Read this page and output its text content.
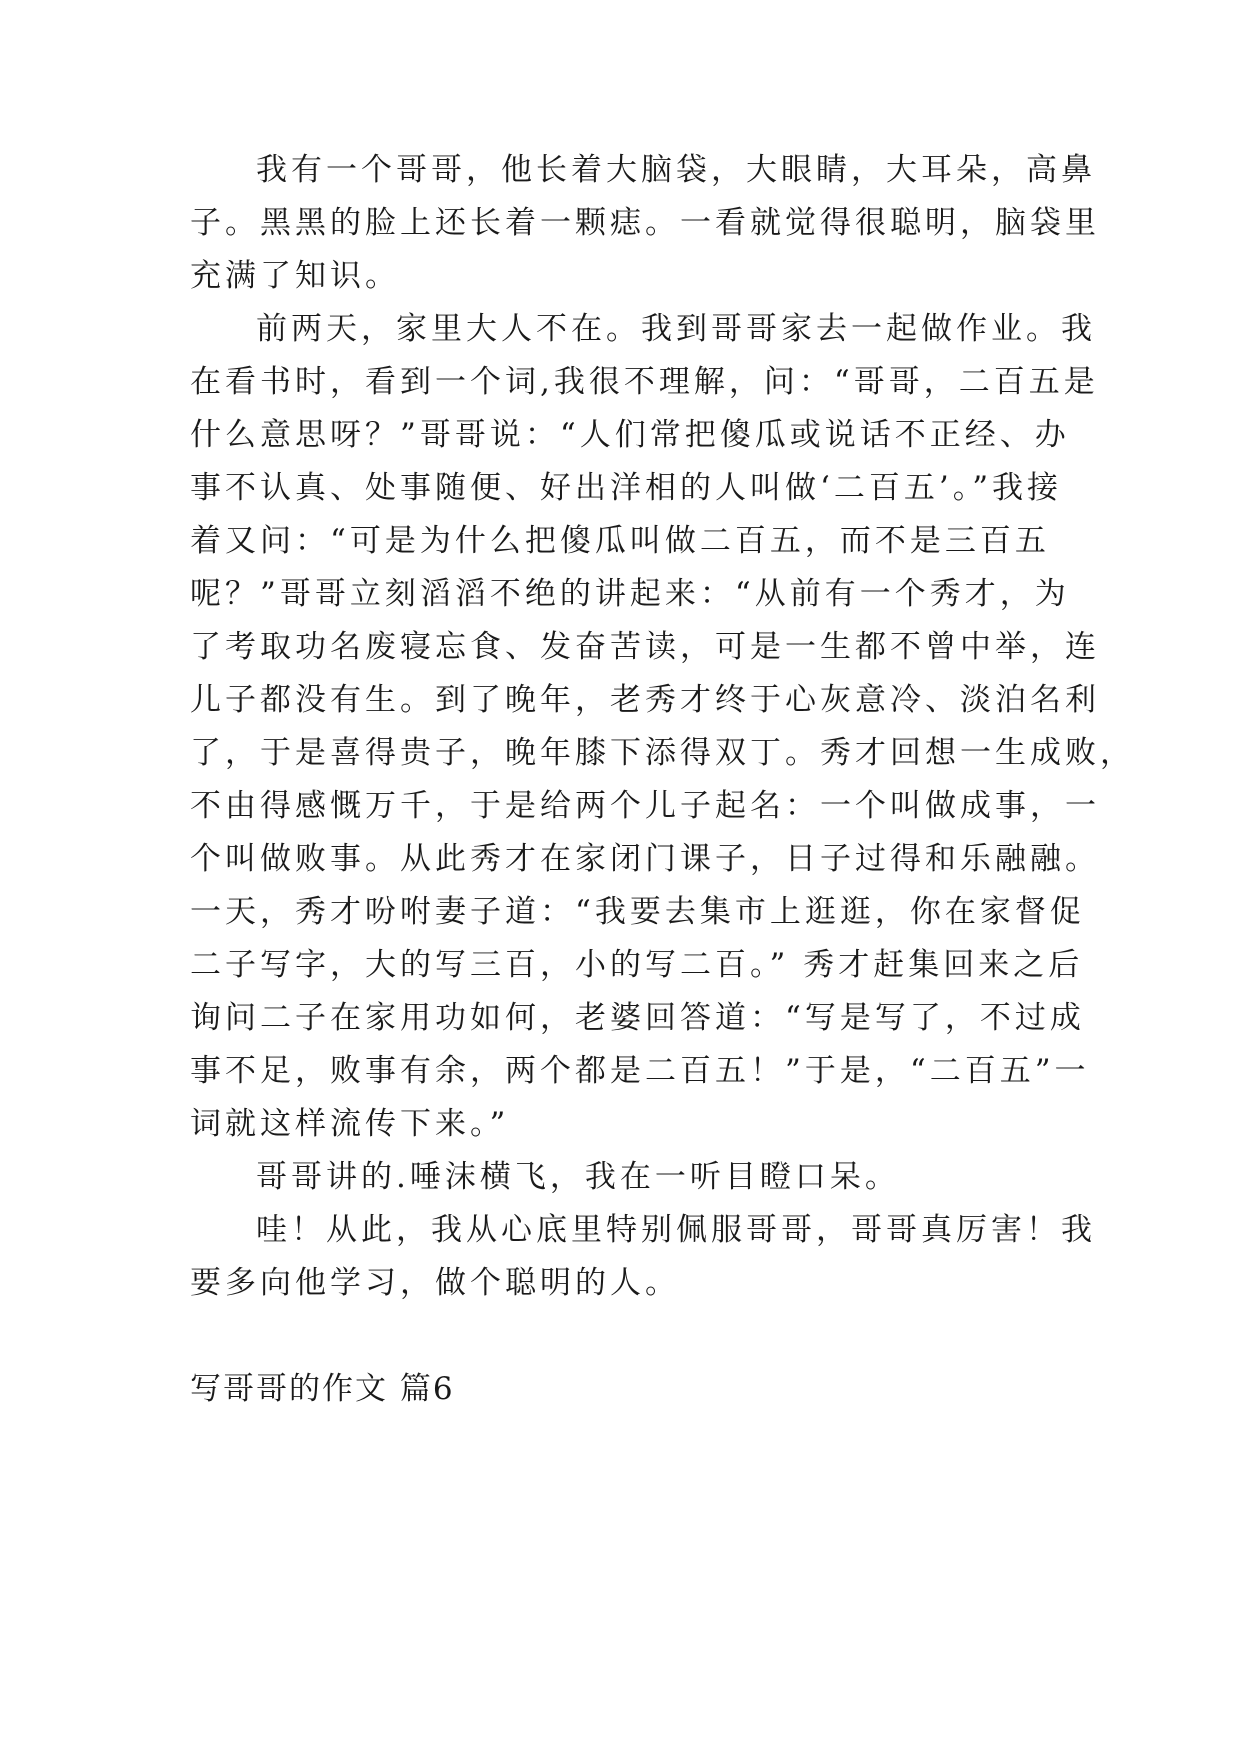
我有一个哥哥，他长着大脑袋，大眼睛，大耳朵，高鼻
子。黑黑的脸上还长着一颗痣。一看就觉得很聪明，脑袋里
充满了知识。
前两天，家里大人不在。我到哥哥家去一起做作业。我
在看书时，看到一个词,我很不理解，问：“哥哥，二百五是
什么意思呀？”哥哥说：“人们常把傻瓜或说话不正经、办
事不认真、处事随便、好出洋相的人叫做‘二百五’。”我接
着又问：“可是为什么把傻瓜叫做二百五，而不是三百五
呢？”哥哥立刻滔滔不绝的讲起来：“从前有一个秀才，为
了考取功名废寝忘食、发奋苦读，可是一生都不曾中举，连
儿子都没有生。到了晚年，老秀才终于心灰意冷、淡泊名利
了，于是喜得贵子，晚年膝下添得双丁。秀才回想一生成败，
不由得感慨万千，于是给两个儿子起名：一个叫做成事，一
个叫做败事。从此秀才在家闭门课子，日子过得和乐融融。
一天，秀才吩咐妻子道：“我要去集市上逛逛，你在家督促
二子写字，大的写三百，小的写二百。” 秀才赶集回来之后
询问二子在家用功如何，老婆回答道：“写是写了，不过成
事不足，败事有余，两个都是二百五！”于是，“二百五”一
词就这样流传下来。”
哥哥讲的.唾沫横飞，我在一听目瞪口呆。
哇！从此，我从心底里特别佩服哥哥，哥哥真厉害！我
要多向他学习，做个聪明的人。
写哥哥的作文 篇6
